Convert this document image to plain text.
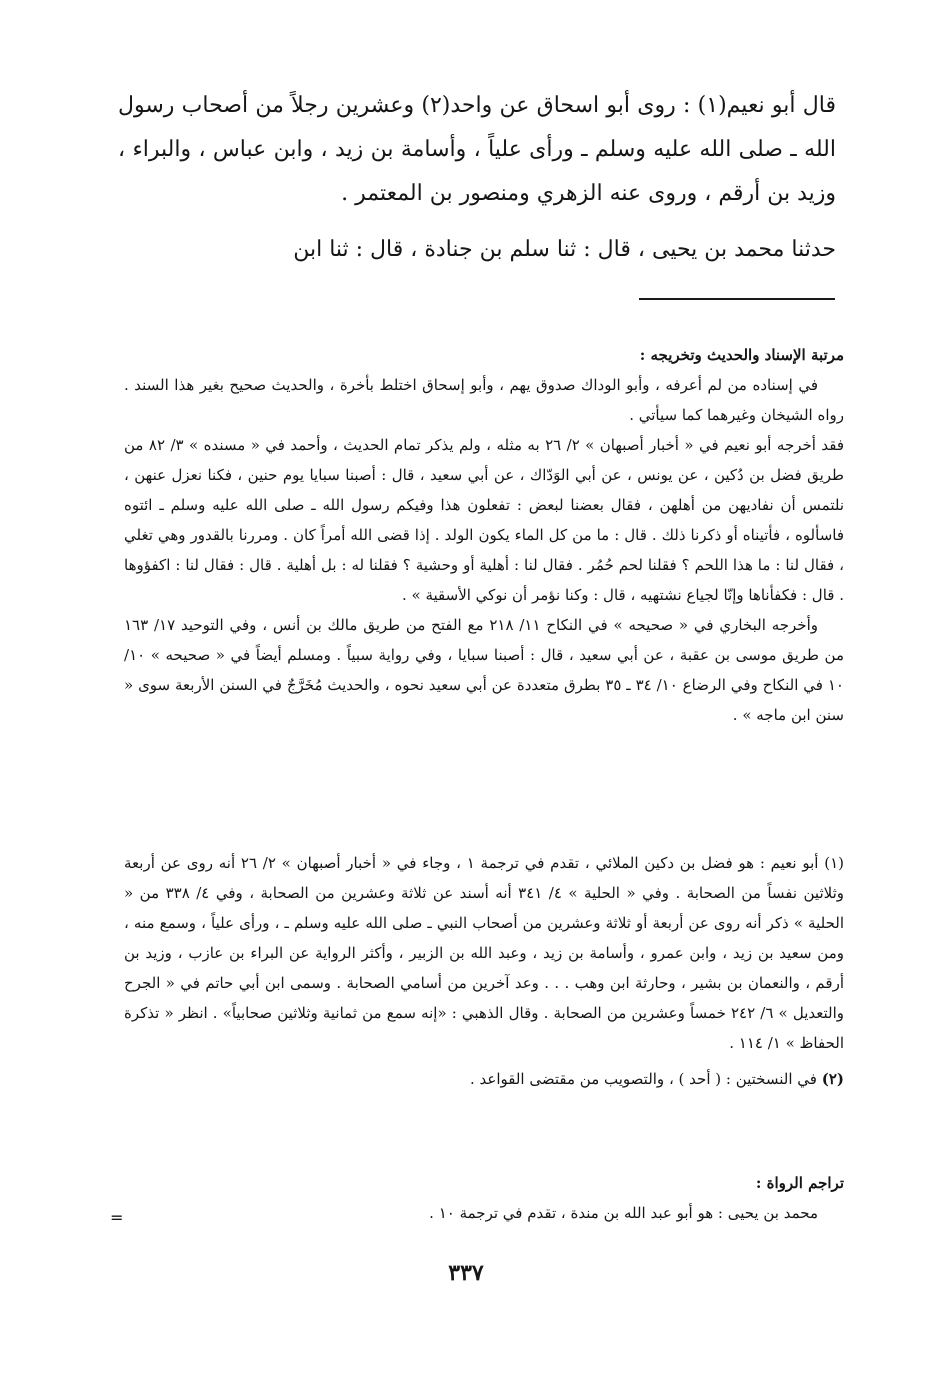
قال أبو نعيم(١) : روى أبو اسحاق عن واحد(٢) وعشرين رجلاً من أصحاب رسول الله ـ صلى الله عليه وسلم ـ ورأى علياً ، وأسامة بن زيد ، وابن عباس ، والبراء ، وزيد بن أرقم ، وروى عنه الزهري ومنصور بن المعتمر .

حدثنا محمد بن يحيى ، قال : ثنا سلم بن جنادة ، قال : ثنا ابن

مرتبة الإسناد والحديث وتخريجه :

في إسناده من لم أعرفه ، وأبو الوداك صدوق يهم ، وأبو إسحاق اختلط بأخرة ، والحديث صحيح بغير هذا السند . رواه الشيخان وغيرهما كما سيأتي .

فقد أخرجه أبو نعيم في « أخبار أصبهان » ٢/ ٢٦ به مثله ، ولم يذكر تمام الحديث ، وأحمد في « مسنده » ٣/ ٨٢ من طريق فضل بن دُكين ، عن يونس ، عن أبي الوَدّاك ، عن أبي سعيد ، قال : أصبنا سبايا يوم حنين ، فكنا نعزل عنهن ، نلتمس أن نفاديهن من أهلهن ، فقال بعضنا لبعض : تفعلون هذا وفيكم رسول الله ـ صلى الله عليه وسلم ـ ائتوه فاسألوه ، فأتيناه أو ذكرنا ذلك . قال : ما من كل الماء يكون الولد . إذا قضى الله أمراً كان . ومررنا بالقدور وهي تغلي ، فقال لنا : ما هذا اللحم ؟ فقلنا لحم حُمُر . فقال لنا : أهلية أو وحشية ؟ فقلنا له : بل أهلية . قال : فقال لنا : اكفؤوها . قال : فكفأناها وإنّا لجياع نشتهيه ، قال : وكنا نؤمر أن نوكي الأسقية » .

وأخرجه البخاري في « صحيحه » في النكاح ١١/ ٢١٨ مع الفتح من طريق مالك بن أنس ، وفي التوحيد ١٧/ ١٦٣ من طريق موسى بن عقبة ، عن أبي سعيد ، قال : أصبنا سبايا ، وفي رواية سبياً . ومسلم أيضاً في « صحيحه » ١٠/ ١٠ في النكاح وفي الرضاع ١٠/ ٣٤ ـ ٣٥ بطرق متعددة عن أبي سعيد نحوه ، والحديث مُخَرَّجٌ في السنن الأربعة سوى « سنن ابن ماجه » .

(١) أبو نعيم : هو فضل بن دكين الملائي ، تقدم في ترجمة ١ ، وجاء في « أخبار أصبهان » ٢/ ٢٦ أنه روى عن أربعة وثلاثين نفساً من الصحابة . وفي « الحلية » ٤/ ٣٤١ أنه أسند عن ثلاثة وعشرين من الصحابة ، وفي ٤/ ٣٣٨ من « الحلية » ذكر أنه روى عن أربعة أو ثلاثة وعشرين من أصحاب النبي ـ صلى الله عليه وسلم ـ ، ورأى علياً ، وسمع منه ، ومن سعيد بن زيد ، وابن عمرو ، وأسامة بن زيد ، وعبد الله بن الزبير ، وأكثر الرواية عن البراء بن عازب ، وزيد بن أرقم ، والنعمان بن بشير ، وحارثة ابن وهب . . . وعد آخرين من أسامي الصحابة . وسمى ابن أبي حاتم في « الجرح والتعديل » ٦/ ٢٤٢ خمساً وعشرين من الصحابة . وقال الذهبي : «إنه سمع من ثمانية وثلاثين صحابياً» . انظر « تذكرة الحفاظ » ١/ ١١٤ .

(٢) في النسختين : ( أحد ) ، والتصويب من مقتضى القواعد .

تراجم الرواة :

محمد بن يحيى : هو أبو عبد الله بن مندة ، تقدم في ترجمة ١٠ .

=
٣٣٧
